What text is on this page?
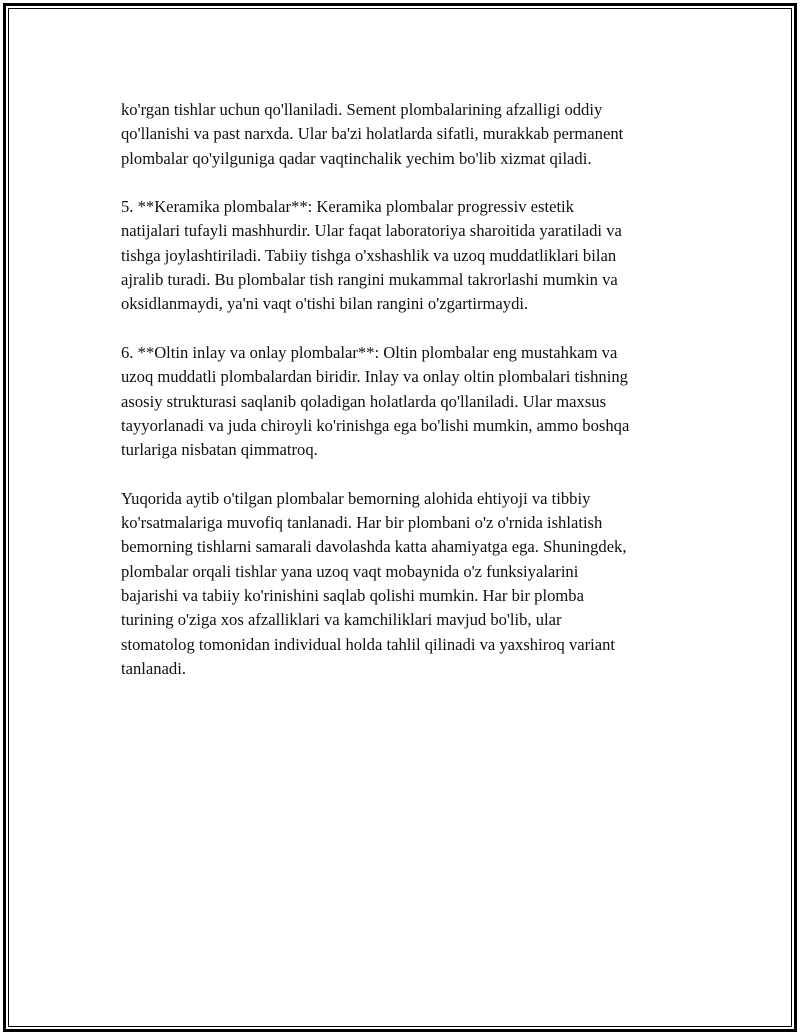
ko'rgan tishlar uchun qo'llaniladi. Sement plombalarining afzalligi oddiy
qo'llanishi va past narxda. Ular ba'zi holatlarda sifatli, murakkab permanent
plombalar qo'yilguniga qadar vaqtinchalik yechim bo'lib xizmat qiladi.

5. **Keramika plombalar**: Keramika plombalar progressiv estetik
natijalari tufayli mashhurdir. Ular faqat laboratoriya sharoitida yaratiladi va
tishga joylashtiriladi. Tabiiy tishga o'xshashlik va uzoq muddatliklari bilan
ajralib turadi. Bu plombalar tish rangini mukammal takrorlashi mumkin va
oksidlanmaydi, ya'ni vaqt o'tishi bilan rangini o'zgartirmaydi.

6. **Oltin inlay va onlay plombalar**: Oltin plombalar eng mustahkam va
uzoq muddatli plombalardan biridir. Inlay va onlay oltin plombalari tishning
asosiy strukturasi saqlanib qoladigan holatlarda qo'llaniladi. Ular maxsus
tayyorlanadi va juda chiroyli ko'rinishga ega bo'lishi mumkin, ammo boshqa
turlariga nisbatan qimmatroq.

Yuqorida aytib o'tilgan plombalar bemorning alohida ehtiyoji va tibbiy
ko'rsatmalariga muvofiq tanlanadi. Har bir plombani o'z o'rnida ishlatish
bemorning tishlarni samarali davolashda katta ahamiyatga ega. Shuningdek,
plombalar orqali tishlar yana uzoq vaqt mobaynida o'z funksiyalarini
bajarishi va tabiiy ko'rinishini saqlab qolishi mumkin. Har bir plomba
turining o'ziga xos afzalliklari va kamchiliklari mavjud bo'lib, ular
stomatolog tomonidan individual holda tahlil qilinadi va yaxshiroq variant
tanlanadi.
